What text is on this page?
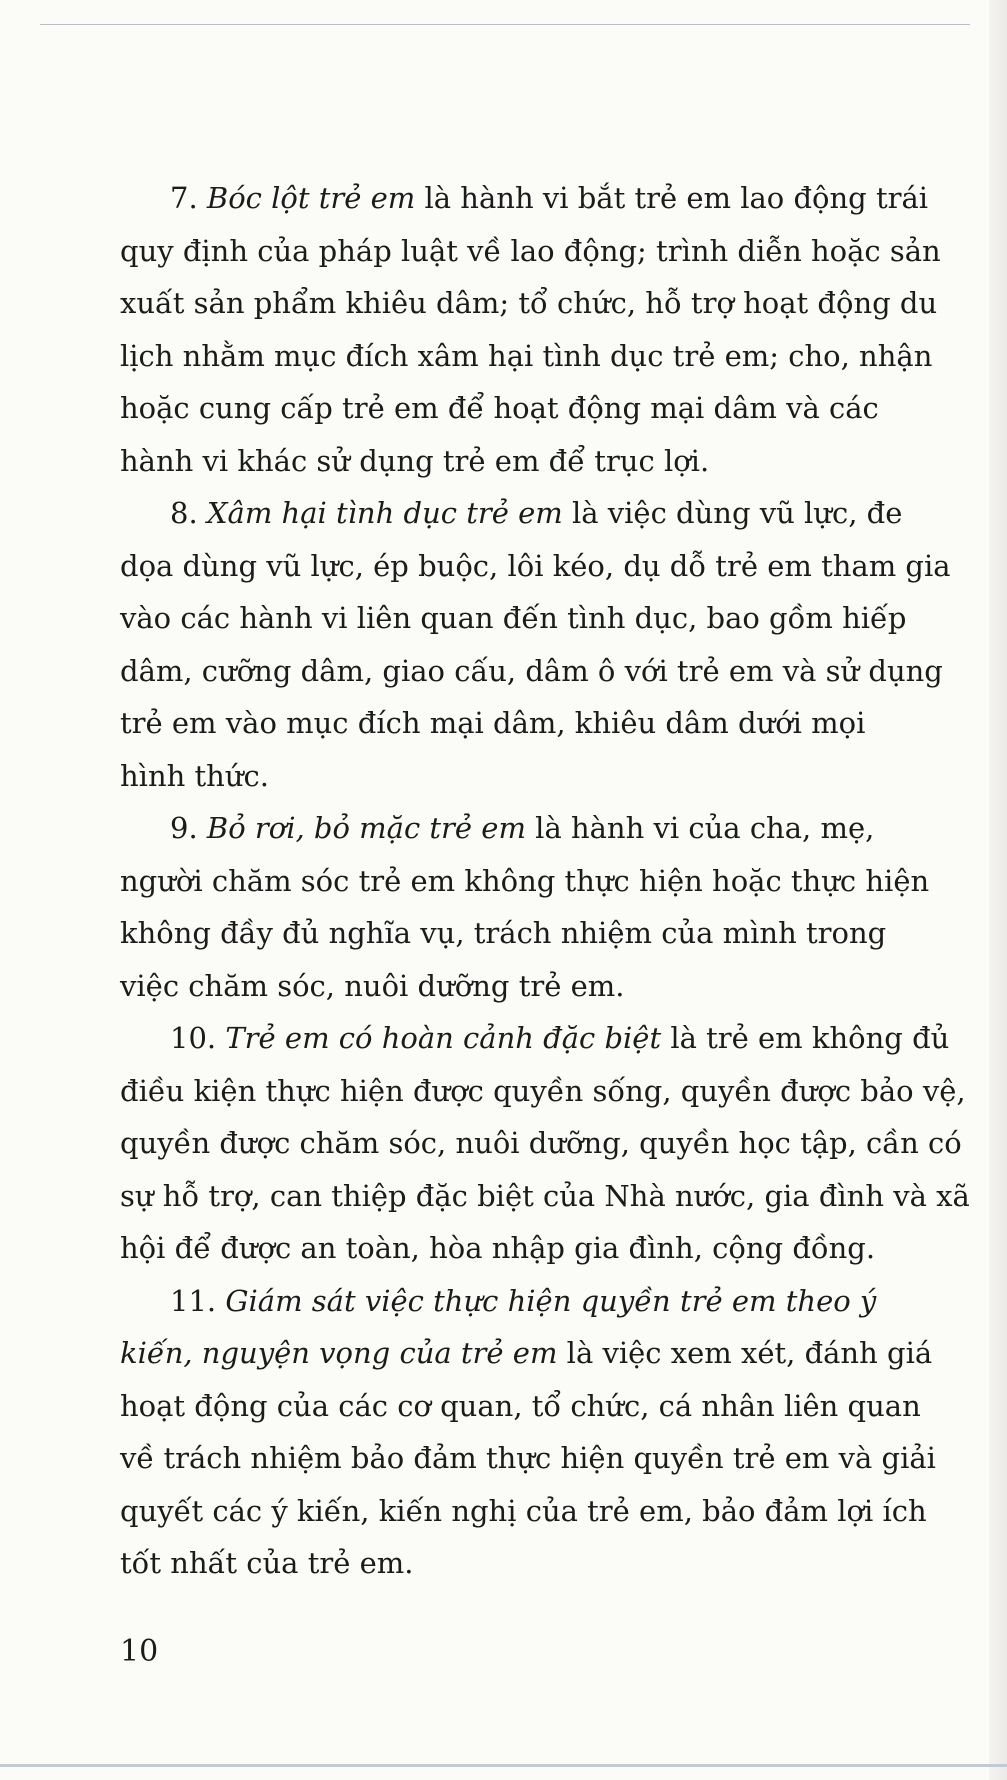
7. Bóc lột trẻ em là hành vi bắt trẻ em lao động trái
quy định của pháp luật về lao động; trình diễn hoặc sản
xuất sản phẩm khiêu dâm; tổ chức, hỗ trợ hoạt động du
lịch nhằm mục đích xâm hại tình dục trẻ em; cho, nhận
hoặc cung cấp trẻ em để hoạt động mại dâm và các
hành vi khác sử dụng trẻ em để trục lợi.

8. Xâm hại tình dục trẻ em là việc dùng vũ lực, đe
dọa dùng vũ lực, ép buộc, lôi kéo, dụ dỗ trẻ em tham gia
vào các hành vi liên quan đến tình dục, bao gồm hiếp
dâm, cưỡng dâm, giao cấu, dâm ô với trẻ em và sử dụng
trẻ em vào mục đích mại dâm, khiêu dâm dưới mọi
hình thức.

9. Bỏ rơi, bỏ mặc trẻ em là hành vi của cha, mẹ,
người chăm sóc trẻ em không thực hiện hoặc thực hiện
không đầy đủ nghĩa vụ, trách nhiệm của mình trong
việc chăm sóc, nuôi dưỡng trẻ em.

10. Trẻ em có hoàn cảnh đặc biệt là trẻ em không đủ
điều kiện thực hiện được quyền sống, quyền được bảo vệ,
quyền được chăm sóc, nuôi dưỡng, quyền học tập, cần có
sự hỗ trợ, can thiệp đặc biệt của Nhà nước, gia đình và xã
hội để được an toàn, hòa nhập gia đình, cộng đồng.

11. Giám sát việc thực hiện quyền trẻ em theo ý
kiến, nguyện vọng của trẻ em là việc xem xét, đánh giá
hoạt động của các cơ quan, tổ chức, cá nhân liên quan
về trách nhiệm bảo đảm thực hiện quyền trẻ em và giải
quyết các ý kiến, kiến nghị của trẻ em, bảo đảm lợi ích
tốt nhất của trẻ em.

10
